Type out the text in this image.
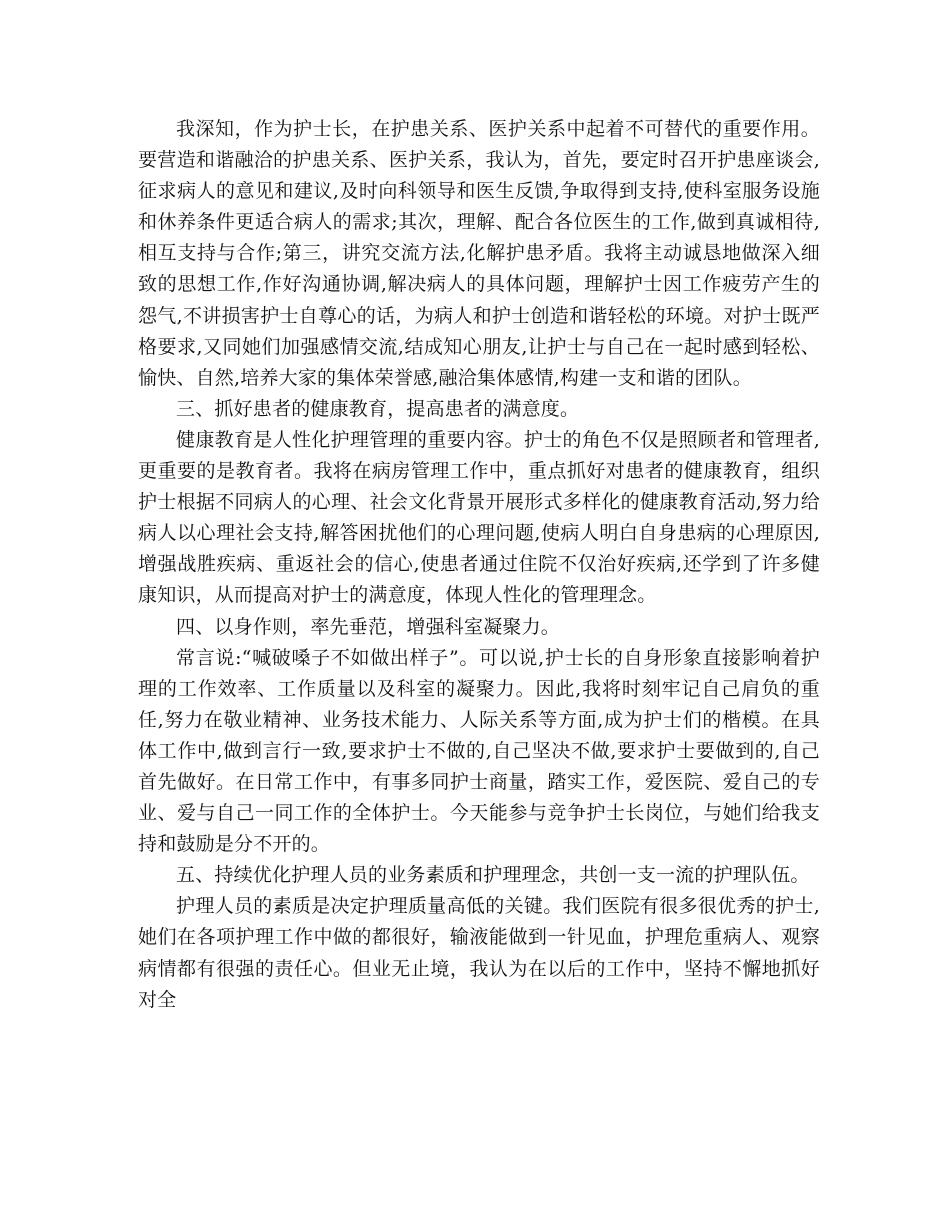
我深知，作为护士长，在护患关系、医护关系中起着不可替代的重要作用。要营造和谐融洽的护患关系、医护关系，我认为，首先，要定时召开护患座谈会,征求病人的意见和建议,及时向科领导和医生反馈,争取得到支持,使科室服务设施和休养条件更适合病人的需求;其次，理解、配合各位医生的工作,做到真诚相待,相互支持与合作;第三，讲究交流方法,化解护患矛盾。我将主动诚恳地做深入细致的思想工作,作好沟通协调,解决病人的具体问题，理解护士因工作疲劳产生的怨气,不讲损害护士自尊心的话，为病人和护士创造和谐轻松的环境。对护士既严格要求,又同她们加强感情交流,结成知心朋友,让护士与自己在一起时感到轻松、愉快、自然,培养大家的集体荣誉感,融洽集体感情,构建一支和谐的团队。

三、抓好患者的健康教育，提高患者的满意度。

健康教育是人性化护理管理的重要内容。护士的角色不仅是照顾者和管理者,更重要的是教育者。我将在病房管理工作中，重点抓好对患者的健康教育，组织护士根据不同病人的心理、社会文化背景开展形式多样化的健康教育活动,努力给病人以心理社会支持,解答困扰他们的心理问题,使病人明白自身患病的心理原因,增强战胜疾病、重返社会的信心,使患者通过住院不仅治好疾病,还学到了许多健康知识，从而提高对护士的满意度，体现人性化的管理理念。

四、以身作则，率先垂范，增强科室凝聚力。

常言说:“喊破嗓子不如做出样子”。可以说,护士长的自身形象直接影响着护理的工作效率、工作质量以及科室的凝聚力。因此,我将时刻牢记自己肩负的重任,努力在敬业精神、业务技术能力、人际关系等方面,成为护士们的楷模。在具体工作中,做到言行一致,要求护士不做的,自己坚决不做,要求护士要做到的,自己首先做好。在日常工作中，有事多同护士商量，踏实工作，爱医院、爱自己的专业、爱与自己一同工作的全体护士。今天能参与竞争护士长岗位，与她们给我支持和鼓励是分不开的。

五、持续优化护理人员的业务素质和护理理念，共创一支一流的护理队伍。

护理人员的素质是决定护理质量高低的关键。我们医院有很多很优秀的护士,她们在各项护理工作中做的都很好，输液能做到一针见血，护理危重病人、观察病情都有很强的责任心。但业无止境，我认为在以后的工作中，坚持不懈地抓好对全
